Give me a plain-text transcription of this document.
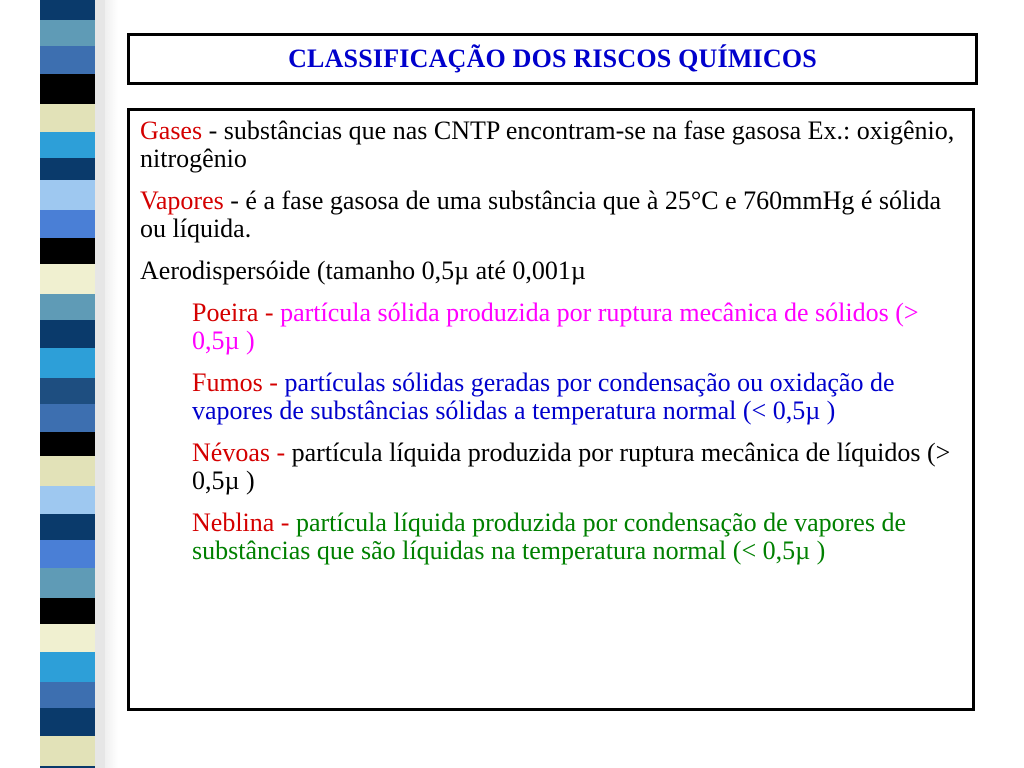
CLASSIFICAÇÃO DOS RISCOS QUÍMICOS

Gases - substâncias que nas CNTP encontram-se na fase gasosa Ex.: oxigênio, nitrogênio

Vapores - é a fase gasosa de uma substância que à 25°C e 760mmHg é sólida ou líquida.

Aerodispersóide (tamanho 0,5µ até 0,001µ

Poeira - partícula sólida produzida por ruptura mecânica de sólidos (> 0,5µ )

Fumos - partículas sólidas geradas por condensação ou oxidação de vapores de substâncias sólidas a temperatura normal (< 0,5µ )

Névoas - partícula líquida produzida por ruptura mecânica de líquidos (> 0,5µ )

Neblina - partícula líquida produzida por condensação de vapores de substâncias que são líquidas na temperatura normal (< 0,5µ )
